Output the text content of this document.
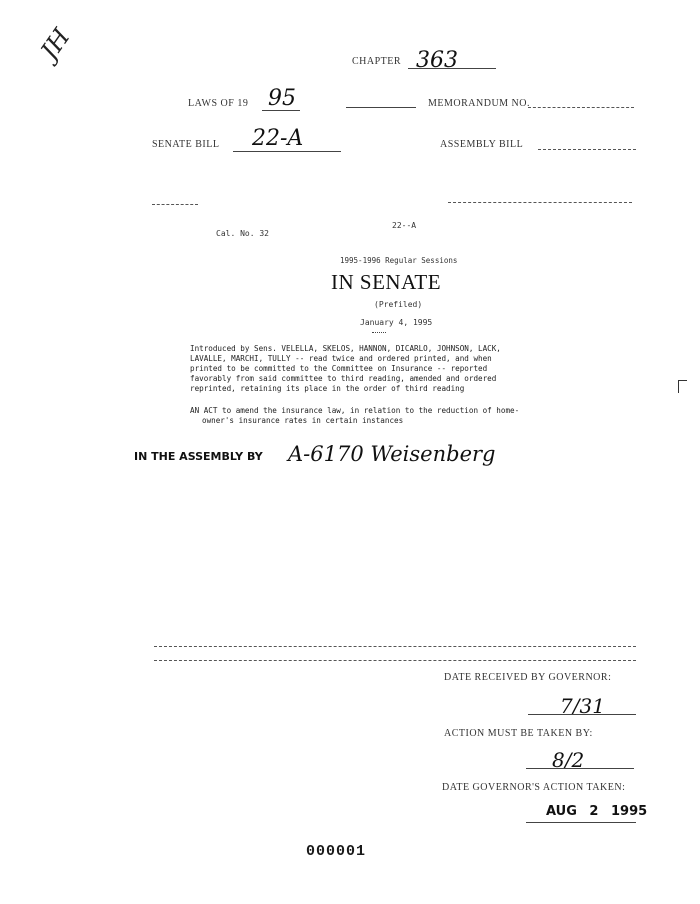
JH	CHAPTER 363
LAWS OF 19 95	MEMORANDUM NO.
SENATE BILL 22-A	ASSEMBLY BILL
22--A
Cal. No. 32
1995-1996 Regular Sessions
IN SENATE
(Prefiled)
January 4, 1995
Introduced by Sens. VELELLA, SKELOS, HANNON, DICARLO, JOHNSON, LACK,
LAVALLE, MARCHI, TULLY -- read twice and ordered printed, and when
printed to be committed to the Committee on Insurance -- reported
favorably from said committee to third reading, amended and ordered
reprinted, retaining its place in the order of third reading
AN ACT to amend the insurance law, in relation to the reduction of home-
owner's insurance rates in certain instances
IN THE ASSEMBLY BY A-6170 Weisenberg
DATE RECEIVED BY GOVERNOR:
7/31
ACTION MUST BE TAKEN BY:
8/2
DATE GOVERNOR'S ACTION TAKEN:
AUG 2 1995
000001
